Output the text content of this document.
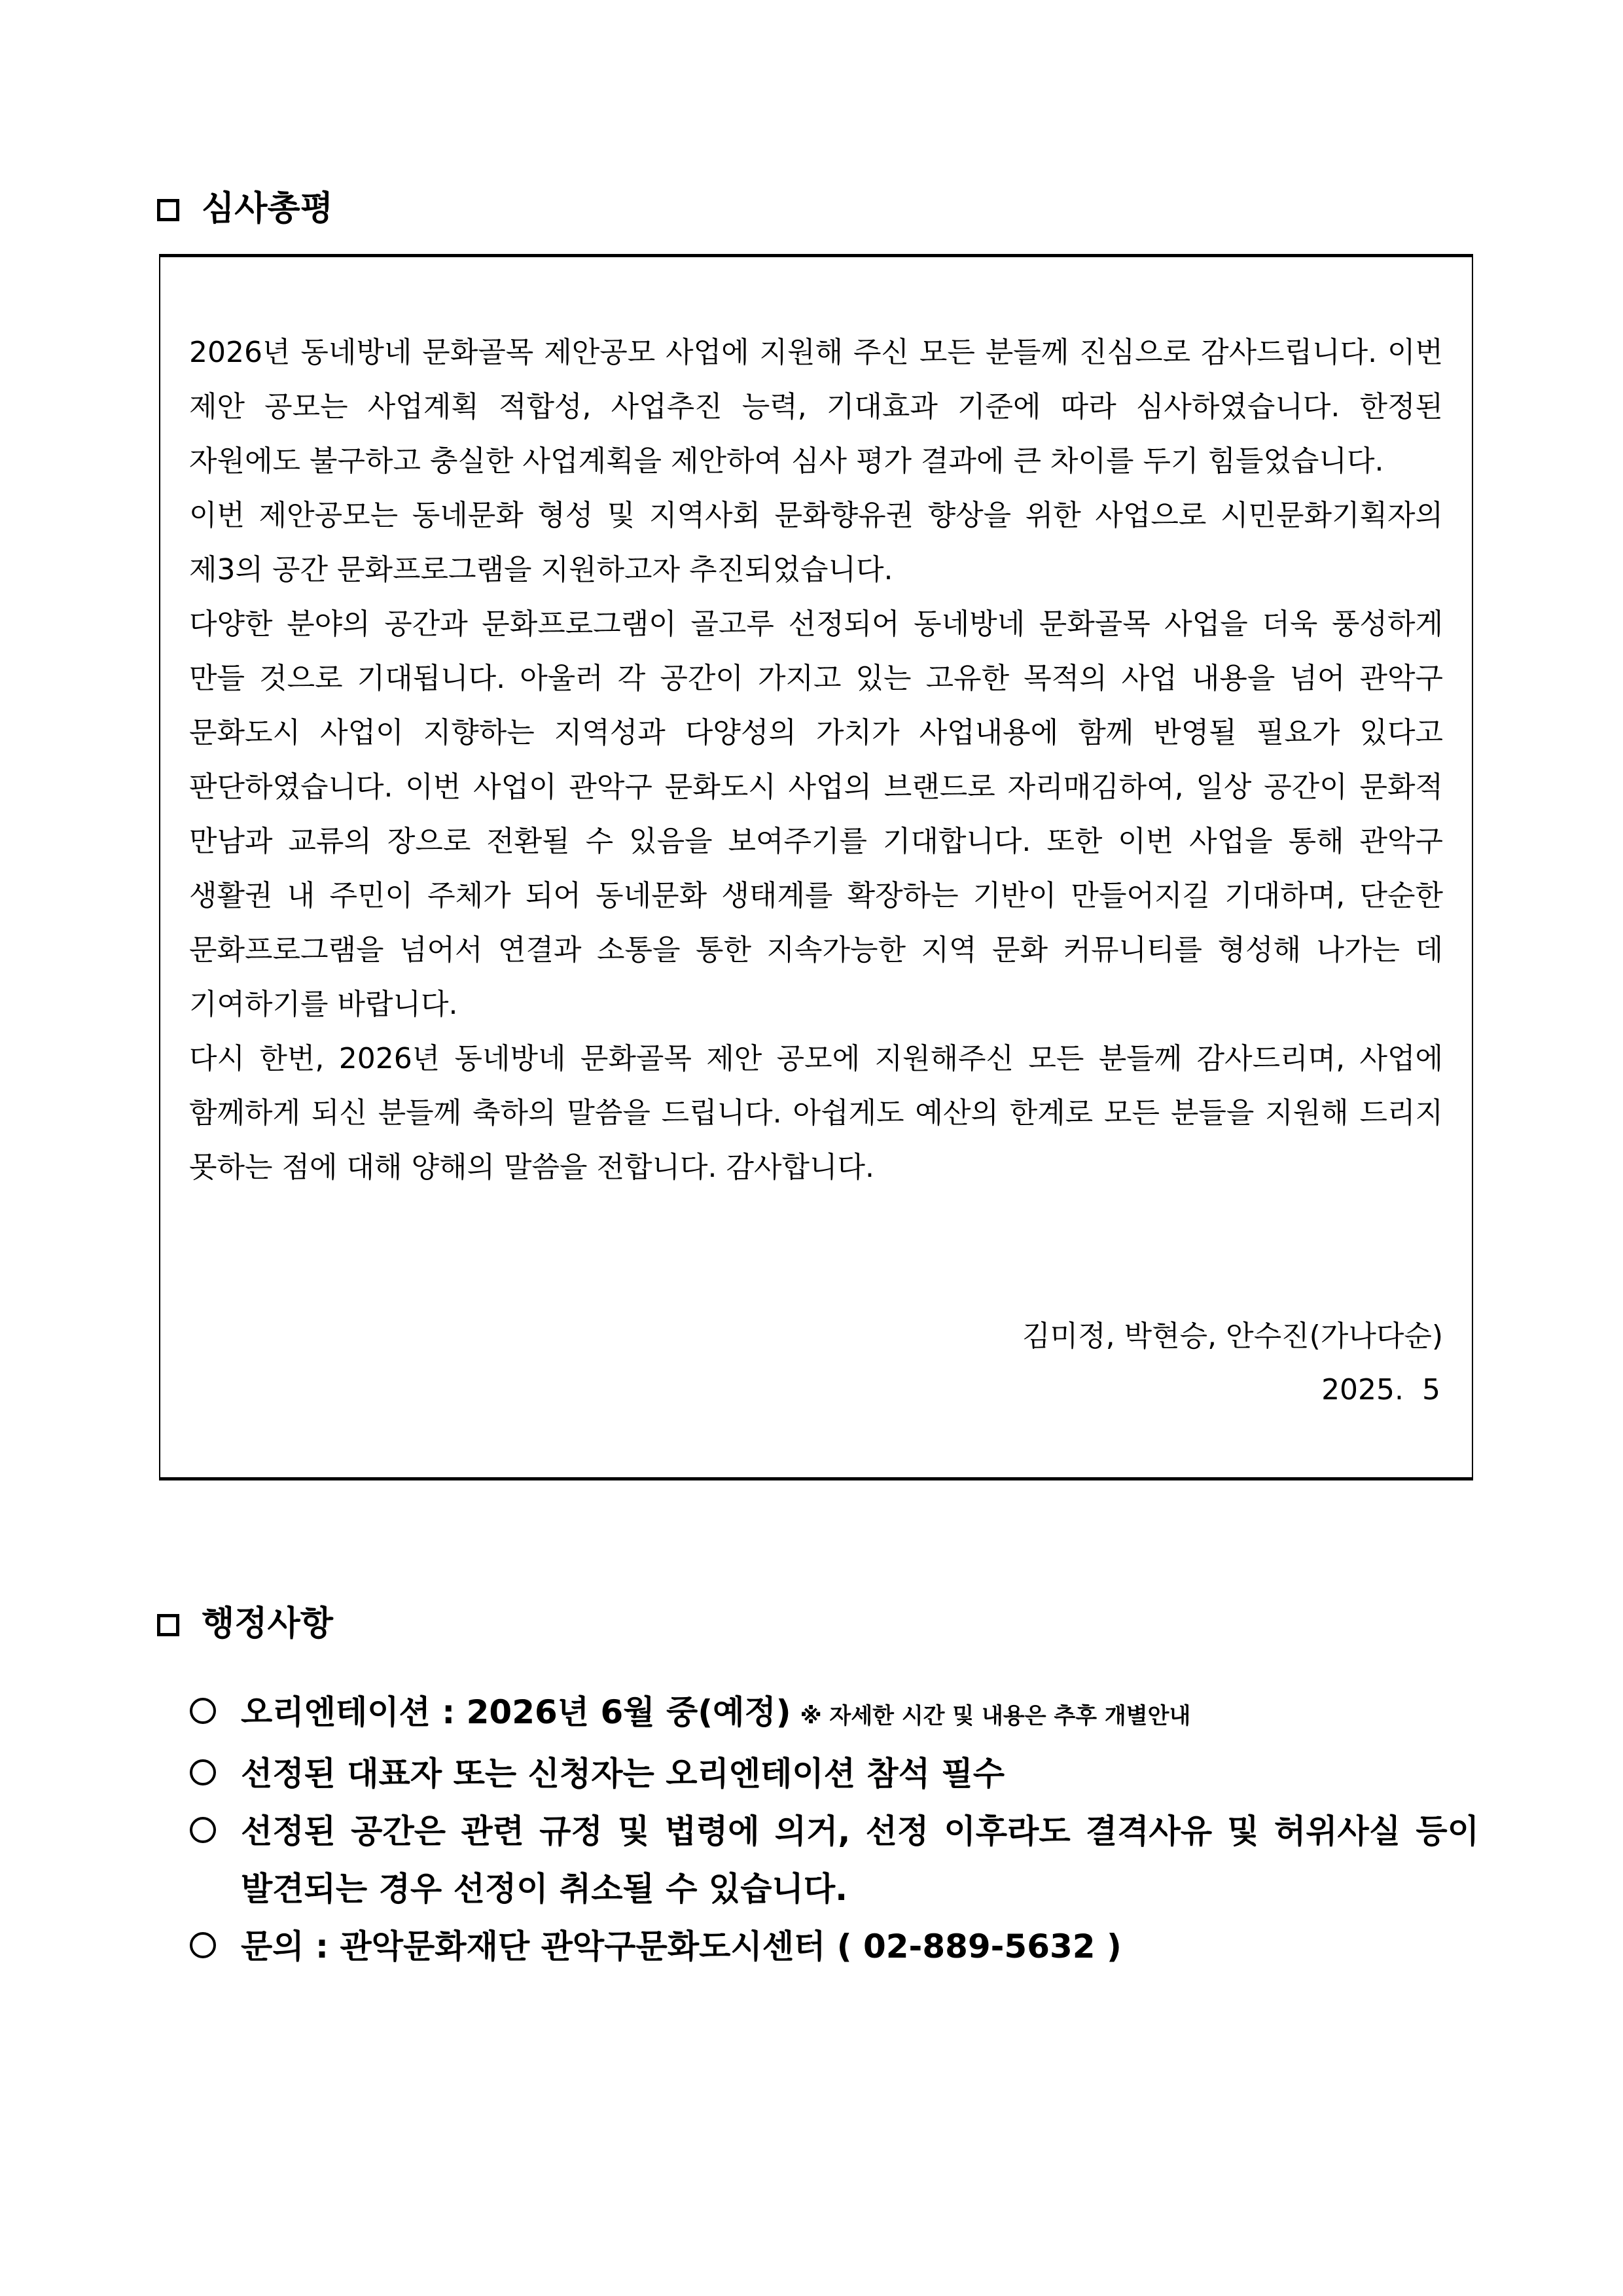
심사총평

2026년 동네방네 문화골목 제안공모 사업에 지원해 주신 모든 분들께 진심으로 감사드립니다. 이번 제안 공모는 사업계획 적합성, 사업추진 능력, 기대효과 기준에 따라 심사하였습니다. 한정된 자원에도 불구하고 충실한 사업계획을 제안하여 심사 평가 결과에 큰 차이를 두기 힘들었습니다.

이번 제안공모는 동네문화 형성 및 지역사회 문화향유권 향상을 위한 사업으로 시민문화기획자의 제3의 공간 문화프로그램을 지원하고자 추진되었습니다.

다양한 분야의 공간과 문화프로그램이 골고루 선정되어 동네방네 문화골목 사업을 더욱 풍성하게 만들 것으로 기대됩니다. 아울러 각 공간이 가지고 있는 고유한 목적의 사업 내용을 넘어 관악구 문화도시 사업이 지향하는 지역성과 다양성의 가치가 사업내용에 함께 반영될 필요가 있다고 판단하였습니다. 이번 사업이 관악구 문화도시 사업의 브랜드로 자리매김하여, 일상 공간이 문화적 만남과 교류의 장으로 전환될 수 있음을 보여주기를 기대합니다. 또한 이번 사업을 통해 관악구 생활권 내 주민이 주체가 되어 동네문화 생태계를 확장하는 기반이 만들어지길 기대하며, 단순한 문화프로그램을 넘어서 연결과 소통을 통한 지속가능한 지역 문화 커뮤니티를 형성해 나가는 데 기여하기를 바랍니다.

다시 한번, 2026년 동네방네 문화골목 제안 공모에 지원해주신 모든 분들께 감사드리며, 사업에 함께하게 되신 분들께 축하의 말씀을 드립니다. 아쉽게도 예산의 한계로 모든 분들을 지원해 드리지 못하는 점에 대해 양해의 말씀을 전합니다. 감사합니다.

김미정, 박현승, 안수진(가나다순)
2025.  5
행정사항
오리엔테이션 : 2026년 6월 중(예정) ※ 자세한 시간 및 내용은 추후 개별안내
선정된 대표자 또는 신청자는 오리엔테이션 참석 필수
선정된 공간은 관련 규정 및 법령에 의거, 선정 이후라도 결격사유 및 허위사실 등이 발견되는 경우 선정이 취소될 수 있습니다.
문의 : 관악문화재단 관악구문화도시센터 ( 02-889-5632 )
